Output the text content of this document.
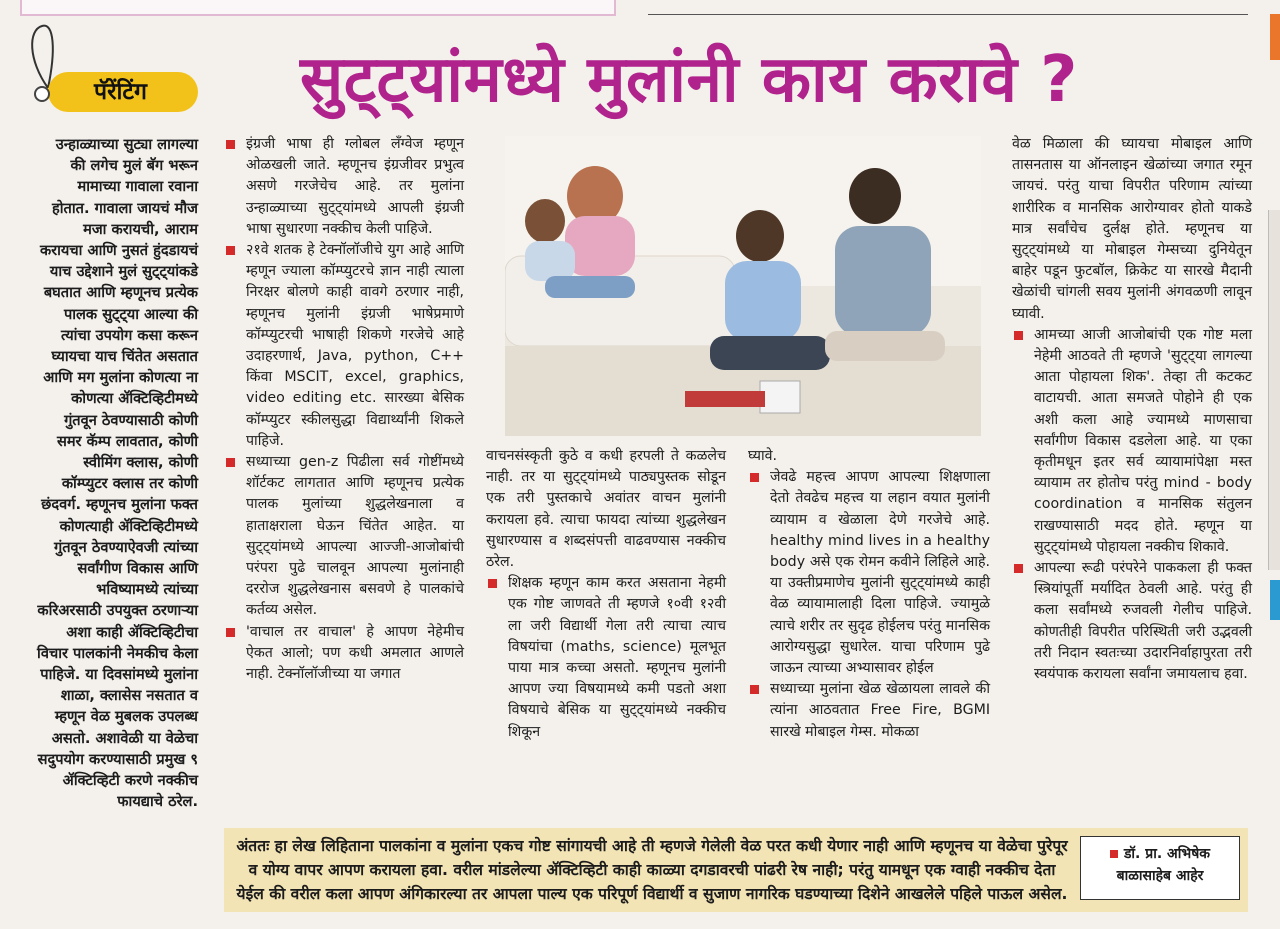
पॅरेंटिंग	सुट्ट्यांमध्ये मुलांनी काय करावे ?

उन्हाळ्याच्या सुट्या लागल्या की लगेच मुलं बॅग भरून मामाच्या गावाला रवाना होतात. गावाला जायचं मौज मजा करायची, आराम करायचा आणि नुसतं हुंदडायचं याच उद्देशाने मुलं सुट्ट्यांकडे बघतात आणि म्हणूनच प्रत्येक पालक सुट्ट्या आल्या की त्यांचा उपयोग कसा करून घ्यायचा याच चिंतेत असतात आणि मग मुलांना कोणत्या ना कोणत्या ॲक्टिव्हिटीमध्ये गुंतवून ठेवण्यासाठी कोणी समर कॅम्प लावतात, कोणी स्वीमिंग क्लास, कोणी कॉम्प्युटर क्लास तर कोणी छंदवर्ग. म्हणूनच मुलांना फक्त कोणत्याही ॲक्टिव्हिटीमध्ये गुंतवून ठेवण्याऐवजी त्यांच्या सर्वांगीण विकास आणि भविष्यामध्ये त्यांच्या करिअरसाठी उपयुक्त ठरणाऱ्या अशा काही ॲक्टिव्हिटीचा विचार पालकांनी नेमकीच केला पाहिजे. या दिवसांमध्ये मुलांना शाळा, क्लासेस नसतात व म्हणून वेळ मुबलक उपलब्ध असतो. अशावेळी या वेळेचा सदुपयोग करण्यासाठी प्रमुख ९ ॲक्टिव्हिटी करणे नक्कीच फायद्याचे ठरेल.

इंग्रजी भाषा ही ग्लोबल लँग्वेज म्हणून ओळखली जाते. म्हणूनच इंग्रजीवर प्रभुत्व असणे गरजेचेच आहे. तर मुलांना उन्हाळ्याच्या सुट्ट्यांमध्ये आपली इंग्रजी भाषा सुधारणा नक्कीच केली पाहिजे.

२१वे शतक हे टेक्नॉलॉजीचे युग आहे आणि म्हणून ज्याला कॉम्प्युटरचे ज्ञान नाही त्याला निरक्षर बोलणे काही वावगे ठरणार नाही, म्हणूनच मुलांनी इंग्रजी भाषेप्रमाणे कॉम्प्युटरची भाषाही शिकणे गरजेचे आहे उदाहरणार्थ, Java, python, C++ किंवा MSCIT, excel, graphics, video editing etc. सारख्या बेसिक कॉम्प्युटर स्कीलसुद्धा विद्यार्थ्यांनी शिकले पाहिजे.

सध्याच्या gen-z पिढीला सर्व गोष्टींमध्ये शॉर्टकट लागतात आणि म्हणूनच प्रत्येक पालक मुलांच्या शुद्धलेखनाला व हाताक्षराला घेऊन चिंतेत आहेत. या सुट्ट्यांमध्ये आपल्या आज्जी-आजोबांची परंपरा पुढे चालवून आपल्या मुलांनाही दररोज शुद्धलेखनास बसवणे हे पालकांचे कर्तव्य असेल.

'वाचाल तर वाचाल' हे आपण नेहेमीच ऐकत आलो; पण कधी अमलात आणले नाही. टेक्नॉलॉजीच्या या जगात

वाचनसंस्कृती कुठे व कधी हरपली ते कळलेच नाही. तर या सुट्ट्यांमध्ये पाठ्यपुस्तक सोडून एक तरी पुस्तकाचे अवांतर वाचन मुलांनी करायला हवे. त्याचा फायदा त्यांच्या शुद्धलेखन सुधारण्यास व शब्दसंपत्ती वाढवण्यास नक्कीच ठरेल.

शिक्षक म्हणून काम करत असताना नेहमी एक गोष्ट जाणवते ती म्हणजे १०वी १२वी ला जरी विद्यार्थी गेला तरी त्याचा त्याच विषयांचा (maths, science) मूलभूत पाया मात्र कच्चा असतो. म्हणूनच मुलांनी आपण ज्या विषयामध्ये कमी पडतो अशा विषयाचे बेसिक या सुट्ट्यांमध्ये नक्कीच शिकून

घ्यावे.

जेवढे महत्त्व आपण आपल्या शिक्षणाला देतो तेवढेच महत्त्व या लहान वयात मुलांनी व्यायाम व खेळाला देणे गरजेचे आहे. healthy mind lives in a healthy body असे एक रोमन कवीने लिहिले आहे. या उक्तीप्रमाणेच मुलांनी सुट्ट्यांमध्ये काही वेळ व्यायामालाही दिला पाहिजे. ज्यामुळे त्याचे शरीर तर सुदृढ होईलच परंतु मानसिक आरोग्यसुद्धा सुधारेल. याचा परिणाम पुढे जाऊन त्याच्या अभ्यासावर होईल

सध्याच्या मुलांना खेळ खेळायला लावले की त्यांना आठवतात Free Fire, BGMI सारखे मोबाइल गेम्स. मोकळा

वेळ मिळाला की घ्यायचा मोबाइल आणि तासनतास या ऑनलाइन खेळांच्या जगात रमून जायचं. परंतु याचा विपरीत परिणाम त्यांच्या शारीरिक व मानसिक आरोग्यावर होतो याकडे मात्र सर्वांचेच दुर्लक्ष होते. म्हणूनच या सुट्ट्यांमध्ये या मोबाइल गेम्सच्या दुनियेतून बाहेर पडून फुटबॉल, क्रिकेट या सारखे मैदानी खेळांची चांगली सवय मुलांनी अंगवळणी लावून घ्यावी.

आमच्या आजी आजोबांची एक गोष्ट मला नेहेमी आठवते ती म्हणजे 'सुट्ट्या लागल्या आता पोहायला शिक'. तेव्हा ती कटकट वाटायची. आता समजते पोहोने ही एक अशी कला आहे ज्यामध्ये माणसाचा सर्वांगीण विकास दडलेला आहे. या एका कृतीमधून इतर सर्व व्यायामांपेक्षा मस्त व्यायाम तर होतोच परंतु mind - body coordination व मानसिक संतुलन राखण्यासाठी मदद होते. म्हणून या सुट्ट्यांमध्ये पोहायला नक्कीच शिकावे.

आपल्या रूढी परंपरेने पाककला ही फक्त स्त्रियांपूर्ती मर्यादित ठेवली आहे. परंतु ही कला सर्वांमध्ये रुजवली गेलीच पाहिजे. कोणतीही विपरीत परिस्थिती जरी उद्भवली तरी निदान स्वतःच्या उदारनिर्वाहापुरता तरी स्वयंपाक करायला सर्वांना जमायलाच हवा.

अंततः हा लेख लिहिताना पालकांना व मुलांना एकच गोष्ट सांगायची आहे ती म्हणजे गेलेली वेळ परत कधी येणार नाही आणि म्हणूनच या वेळेचा पुरेपूर व योग्य वापर आपण करायला हवा. वरील मांडलेल्या ॲक्टिव्हिटी काही काळ्या दगडावरची पांढरी रेष नाही; परंतु यामधून एक ग्वाही नक्कीच देता येईल की वरील कला आपण अंगिकारल्या तर आपला पाल्य एक परिपूर्ण विद्यार्थी व सुजाण नागरिक घडण्याच्या दिशेने आखलेले पहिले पाऊल असेल.
डॉ. प्रा. अभिषेक
बाळासाहेब आहेर
